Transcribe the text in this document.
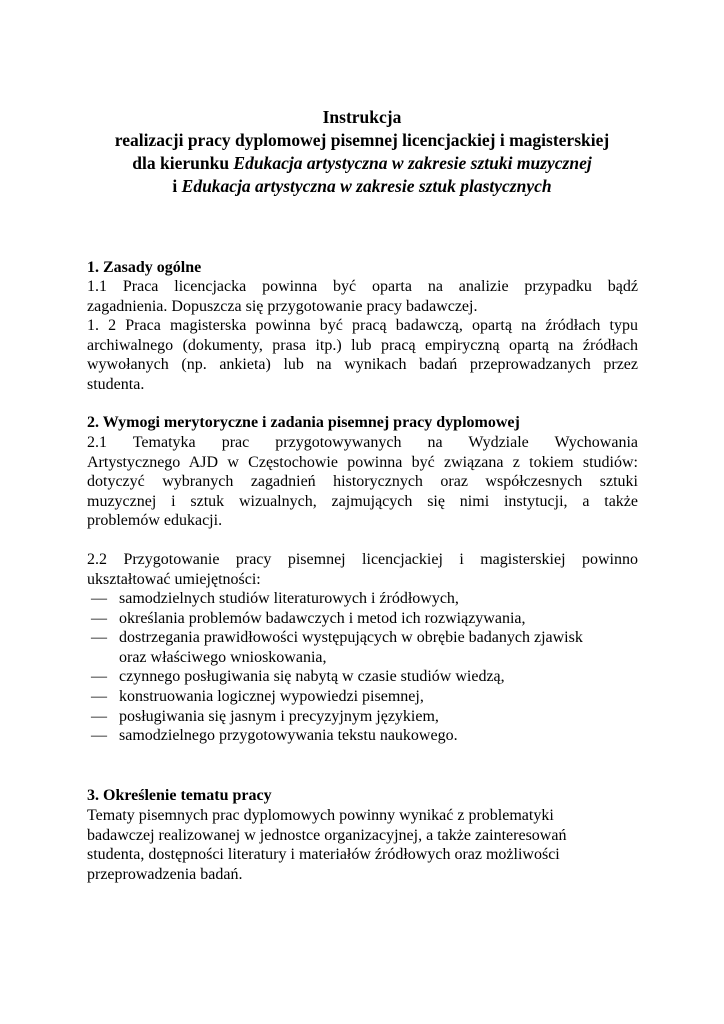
Instrukcja
realizacji pracy dyplomowej pisemnej licencjackiej i magisterskiej
dla kierunku Edukacja artystyczna w zakresie sztuki muzycznej
i Edukacja artystyczna w zakresie sztuk plastycznych
1. Zasady ogólne
1.1 Praca licencjacka powinna być oparta na analizie przypadku bądź
zagadnienia. Dopuszcza się przygotowanie pracy badawczej.
1. 2 Praca magisterska powinna być pracą badawczą, opartą na źródłach typu
archiwalnego (dokumenty, prasa itp.) lub pracą empiryczną opartą na źródłach
wywołanych (np. ankieta) lub na wynikach badań przeprowadzanych przez
studenta.
2. Wymogi merytoryczne i zadania pisemnej pracy dyplomowej
2.1 Tematyka prac przygotowywanych na Wydziale Wychowania
Artystycznego AJD w Częstochowie powinna być związana z tokiem studiów:
dotyczyć wybranych zagadnień historycznych oraz współczesnych sztuki
muzycznej i sztuk wizualnych, zajmujących się nimi instytucji, a także
problemów edukacji.
2.2 Przygotowanie pracy pisemnej licencjackiej i magisterskiej powinno
ukształtować umiejętności:
— samodzielnych studiów literaturowych i źródłowych,
— określania problemów badawczych i metod ich rozwiązywania,
— dostrzegania prawidłowości występujących w obrębie badanych zjawisk
oraz właściwego wnioskowania,
— czynnego posługiwania się nabytą w czasie studiów wiedzą,
— konstruowania logicznej wypowiedzi pisemnej,
— posługiwania się jasnym i precyzyjnym językiem,
— samodzielnego przygotowywania tekstu naukowego.
3. Określenie tematu pracy
Tematy pisemnych prac dyplomowych powinny wynikać z problematyki
badawczej realizowanej w jednostce organizacyjnej, a także zainteresowań
studenta, dostępności literatury i materiałów źródłowych oraz możliwości
przeprowadzenia badań.
